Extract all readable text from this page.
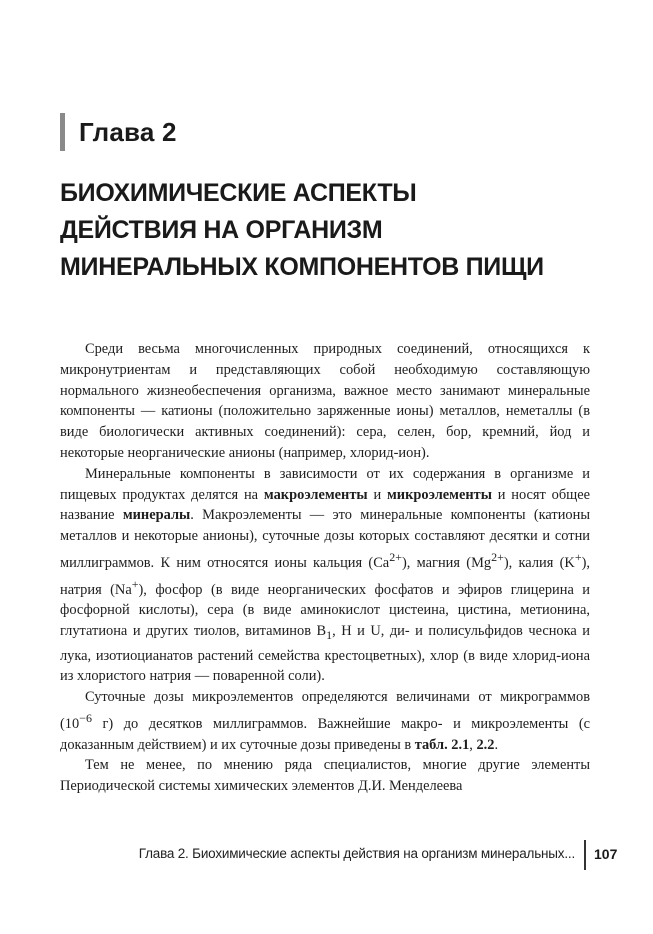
Глава 2
БИОХИМИЧЕСКИЕ АСПЕКТЫ
ДЕЙСТВИЯ НА ОРГАНИЗМ
МИНЕРАЛЬНЫХ КОМПОНЕНТОВ ПИЩИ

Среди весьма многочисленных природных соединений, относящихся к микронутриентам и представляющих собой необходимую составляющую нормального жизнеобеспечения организма, важное место занимают минеральные компоненты — катионы (положительно заряженные ионы) металлов, неметаллы (в виде биологически активных соединений): сера, селен, бор, кремний, йод и некоторые неорганические анионы (например, хлорид-ион).

Минеральные компоненты в зависимости от их содержания в организме и пищевых продуктах делятся на макроэлементы и микроэлементы и носят общее название минералы. Макроэлементы — это минеральные компоненты (катионы металлов и некоторые анионы), суточные дозы которых составляют десятки и сотни миллиграммов. К ним относятся ионы кальция $(Ca^{2+})$, магния $(Mg^{2+})$, калия (K+), натрия (Na+), фосфор (в виде неорганических фосфатов и эфиров глицерина и фосфорной кислоты), сера (в виде аминокислот цистеина, цистина, метионина, глутатиона и других тиолов, витаминов $B_1$, H и U, ди- и полисульфидов чеснока и лука, изотиоцианатов растений семейства крестоцветных), хлор (в виде хлорид-иона из хлористого натрия — поваренной соли).

Суточные дозы микроэлементов определяются величинами от микрограммов ($10^{-6}$ г) до десятков миллиграммов. Важнейшие макро- и микроэлементы (с доказанным действием) и их суточные дозы приведены в табл. 2.1, 2.2.

Тем не менее, по мнению ряда специалистов, многие другие элементы Периодической системы химических элементов Д.И. Менделеева

Глава 2. Биохимические аспекты действия на организм минеральных... 107
